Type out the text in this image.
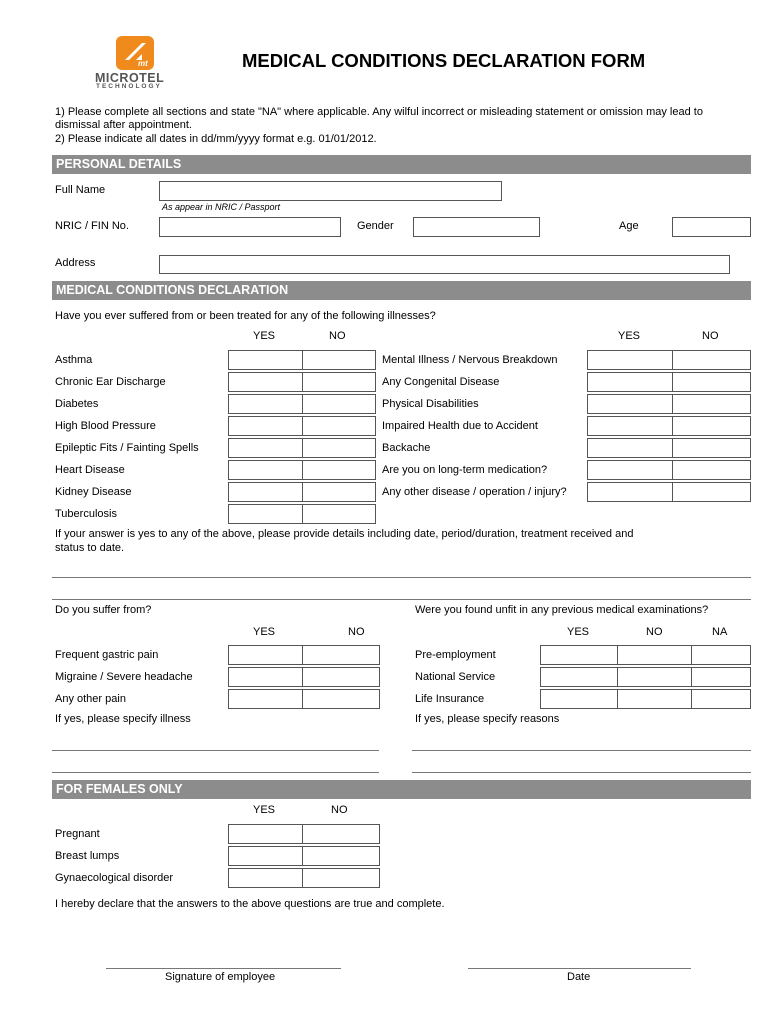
mt
MICROTEL
TECHNOLOGY
MEDICAL CONDITIONS DECLARATION FORM
1) Please complete all sections and state "NA" where applicable. Any wilful incorrect or misleading statement or omission may lead to
dismissal after appointment.
2) Please indicate all dates in dd/mm/yyyy format e.g. 01/01/2012.
PERSONAL DETAILS
Full Name
As appear in NRIC / Passport
NRIC / FIN No.	Gender	Age
Address
MEDICAL CONDITIONS DECLARATION
Have you ever suffered from or been treated for any of the following illnesses?
YES	NO	YES	NO
Asthma
Chronic Ear Discharge
Diabetes
High Blood Pressure
Epileptic Fits / Fainting Spells
Heart Disease
Kidney Disease
Tuberculosis
Mental Illness / Nervous Breakdown
Any Congenital Disease
Physical Disabilities
Impaired Health due to Accident
Backache
Are you on long-term medication?
Any other disease / operation / injury?
If your answer is yes to any of the above, please provide details including date, period/duration, treatment received and
status to date.
Do you suffer from?
YES	NO
Frequent gastric pain
Migraine / Severe headache
Any other pain
If yes, please specify illness
Were you found unfit in any previous medical examinations?
YES	NO	NA
Pre-employment
National Service
Life Insurance
If yes, please specify reasons
FOR FEMALES ONLY
YES	NO
Pregnant
Breast lumps
Gynaecological disorder
I hereby declare that the answers to the above questions are true and complete.
Signature of employee	Date
